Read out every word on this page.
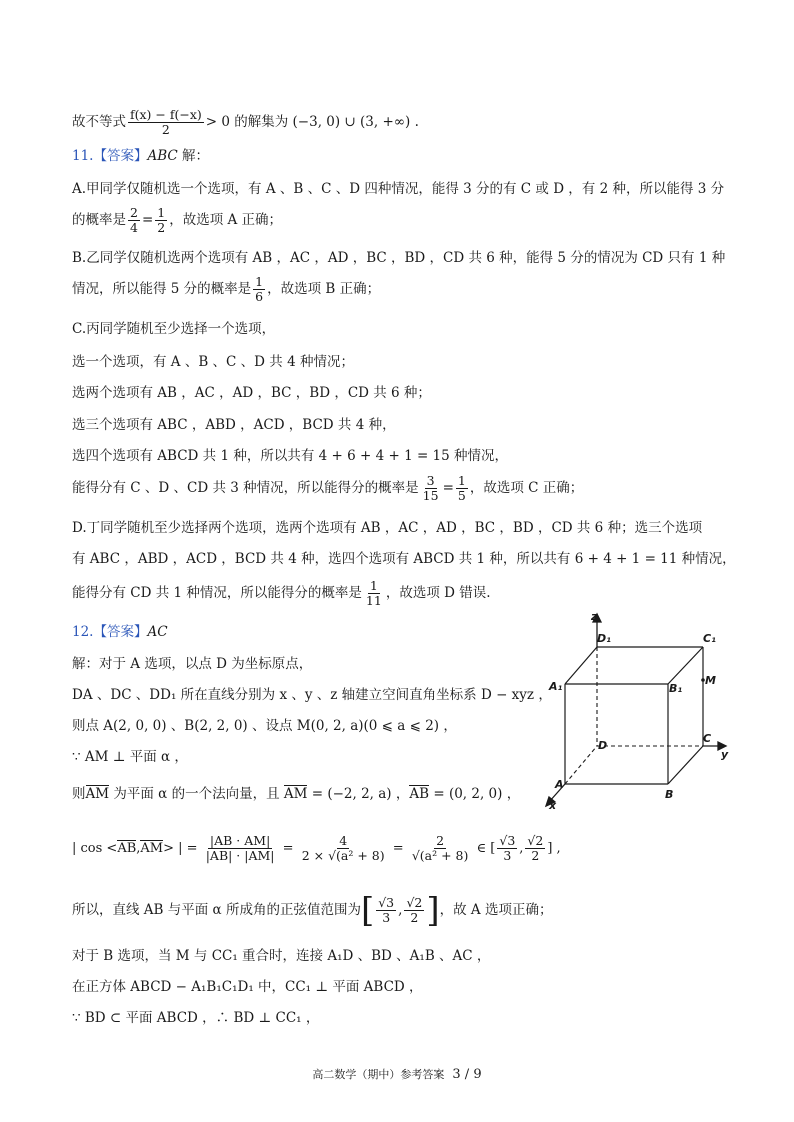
故不等式 $\frac{f(x) - f(-x)}{2} > 0$ 的解集为 (−3, 0) ∪ (3, +∞) .
11.【答案】ABC 解：
A.甲同学仅随机选一个选项，有 A 、B 、C 、D 四种情况，能得 3 分的有 C 或 D ，有 2 种，所以能得 3 分
的概率是 $\frac{2}{4} = \frac{1}{2}$ ，故选项 A 正确；
B.乙同学仅随机选两个选项有 AB ，AC ，AD ，BC ，BD ，CD 共 6 种，能得 5 分的情况为 CD 只有 1 种
情况，所以能得 5 分的概率是 $\frac{1}{6}$ ，故选项 B 正确；
C.丙同学随机至少选择一个选项，
选一个选项，有 A 、B 、C 、D 共 4 种情况；
选两个选项有 AB ，AC ，AD ，BC ，BD ，CD 共 6 种；
选三个选项有 ABC ，ABD ，ACD ，BCD 共 4 种，
选四个选项有 ABCD 共 1 种，所以共有 4 + 6 + 4 + 1 = 15 种情况，
能得分有 C 、D 、CD 共 3 种情况，所以能得分的概率是 $\frac{3}{15} = \frac{1}{5}$ ，故选项 C 正确；
D.丁同学随机至少选择两个选项，选两个选项有 AB ，AC ，AD ，BC ，BD ，CD 共 6 种；选三个选项
有 ABC ，ABD ，ACD ，BCD 共 4 种，选四个选项有 ABCD 共 1 种，所以共有 6 + 4 + 1 = 11 种情况，
能得分有 CD 共 1 种情况，所以能得分的概率是 $\frac{1}{11}$ ，故选项 D 错误.
12.【答案】AC
解：对于 A 选项，以点 D 为坐标原点，
DA 、DC 、DD₁ 所在直线分别为 x 、y 、z 轴建立空间直角坐标系 D − xyz ，
则点 A(2, 0, 0) 、B(2, 2, 0) 、设点 M(0, 2, a)(0 ⩽ a ⩽ 2) ，
∵ AM ⊥ 平面 α ，
则AM 为平面 α 的一个法向量，且 AM = (−2, 2, a) ，AB = (0, 2, 0) ，
| cos <AB,AM> | = $\frac{|AB \cdot AM|}{|AB| \cdot |AM|} = \frac{4}{\text{2 × √(a² + 8)}} = \frac{2}{\text{√(a² + 8)}}$ ∈ [ $\frac{√3}{3}$ , $\frac{√2}{2}$ ] ,
所以，直线 AB 与平面 α 所成角的正弦值范围为[ $\frac{√3}{3}$ , $\frac{√2}{2}$ ]，故 A 选项正确；
对于 B 选项，当 M 与 CC₁ 重合时，连接 A₁D 、BD 、A₁B 、AC ，
在正方体 ABCD − A₁B₁C₁D₁ 中，CC₁ ⊥ 平面 ABCD ，
∵ BD ⊂ 平面 ABCD ，∴ BD ⊥ CC₁ ，
z
y
x
D₁	C₁
A₁	B₁
M
D
C
A
B
高二数学（期中）参考答案 3 / 9
